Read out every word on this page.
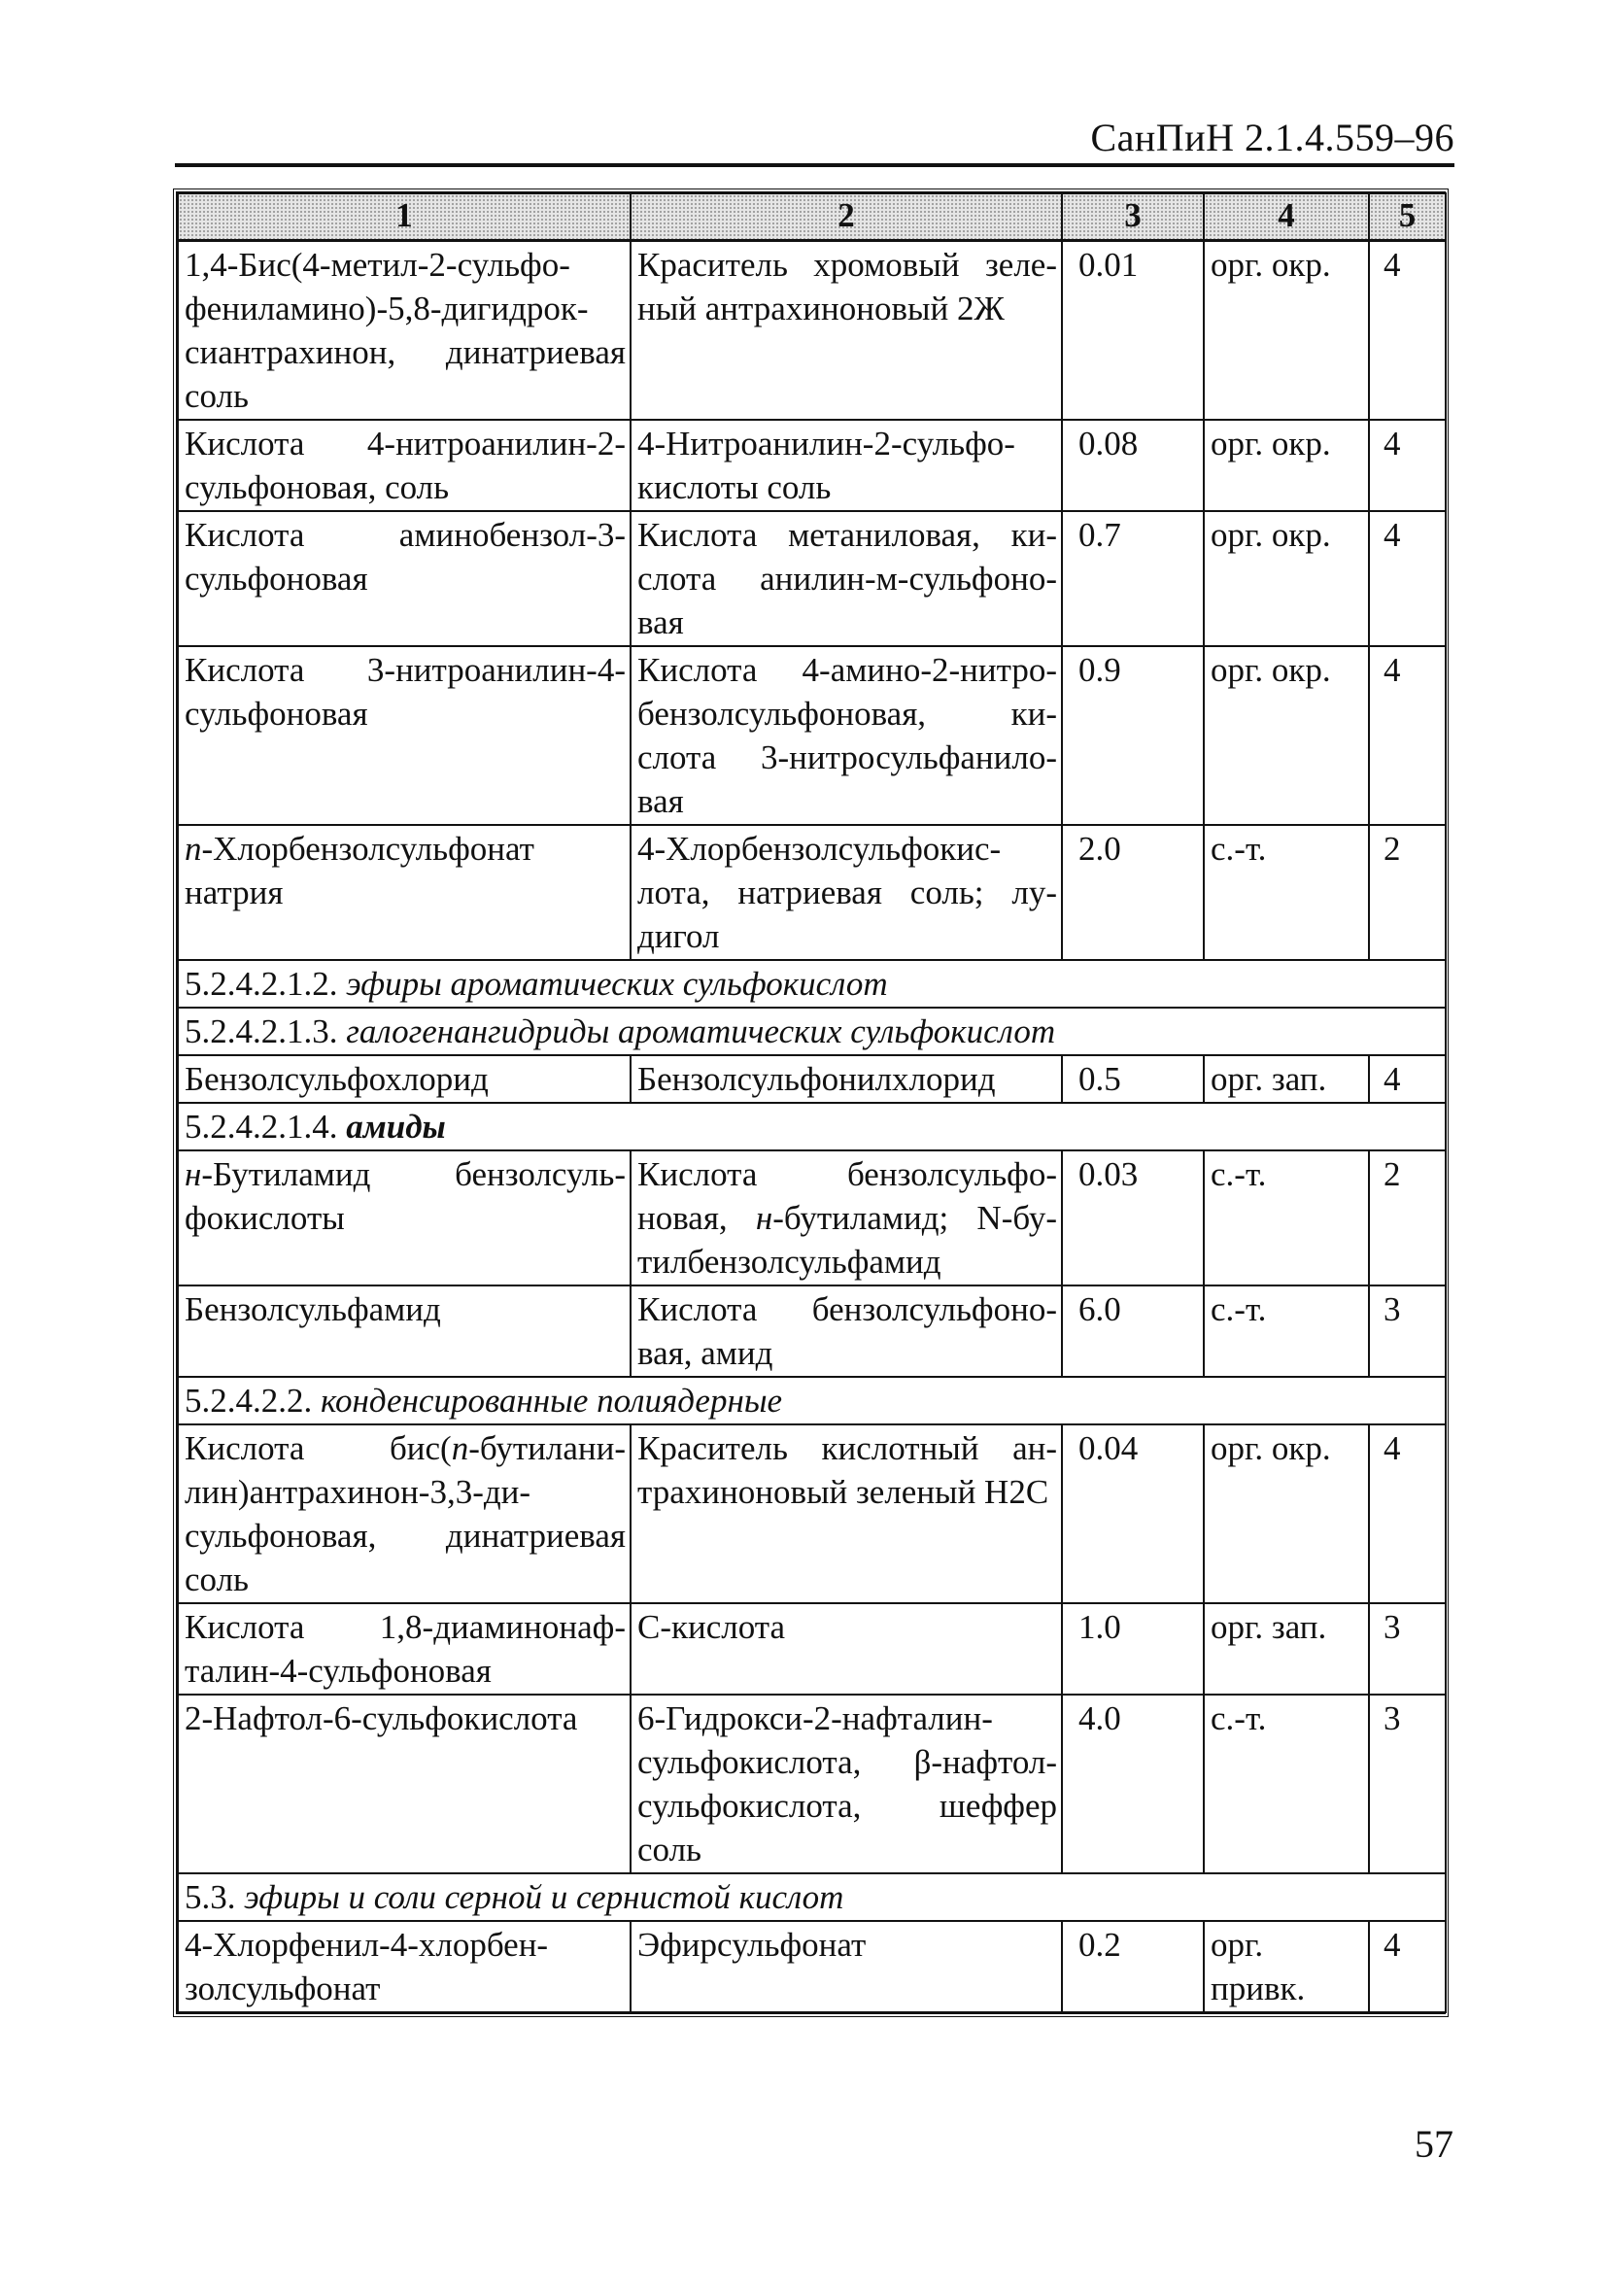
СанПиН 2.1.4.559–96
1	2	3	4	5
1,4-Бис(4-метил-2-сульфо-фениламино)-5,8-дигидрок-сиантрахинон, динатриевая соль	Краситель хромовый зеле-ный антрахиноновый 2Ж	0.01	орг. окр.	4
Кислота 4-нитроанилин-2-сульфоновая, соль	4-Нитроанилин-2-сульфо-кислоты соль	0.08	орг. окр.	4
Кислота аминобензол-3-сульфоновая	Кислота метаниловая, ки-слота анилин-м-сульфоно-вая	0.7	орг. окр.	4
Кислота 3-нитроанилин-4-сульфоновая	Кислота 4-амино-2-нитро-бензолсульфоновая, ки-слота 3-нитросульфанило-вая	0.9	орг. окр.	4
п-Хлорбензолсульфонат натрия	4-Хлорбензолсульфокис-лота, натриевая соль; лу-дигол	2.0	с.-т.	2
5.2.4.2.1.2. эфиры ароматических сульфокислот				
5.2.4.2.1.3. галогенангидриды ароматических сульфокислот				
Бензолсульфохлорид	Бензолсульфонилхлорид	0.5	орг. зап.	4
5.2.4.2.1.4. амиды				
н-Бутиламид бензолсуль-фокислоты	Кислота бензолсульфо-новая, н-бутиламид; N-бу-тилбензолсульфамид	0.03	с.-т.	2
Бензолсульфамид	Кислота бензолсульфоно-вая, амид	6.0	с.-т.	3
5.2.4.2.2. конденсированные полиядерные				
Кислота бис(п-бутилани-лин)антрахинон-3,3-ди-сульфоновая, динатриевая соль	Краситель кислотный ан-трахиноновый зеленый Н2С	0.04	орг. окр.	4
Кислота 1,8-диаминонаф-талин-4-сульфоновая	С-кислота	1.0	орг. зап.	3
2-Нафтол-6-сульфокислота	6-Гидрокси-2-нафталин-сульфокислота, β-нафтол-сульфокислота, шеффер соль	4.0	с.-т.	3
5.3. эфиры и соли серной и сернистой кислот				
4-Хлорфенил-4-хлорбен-золсульфонат	Эфирсульфонат	0.2	орг. привк.	4
57
